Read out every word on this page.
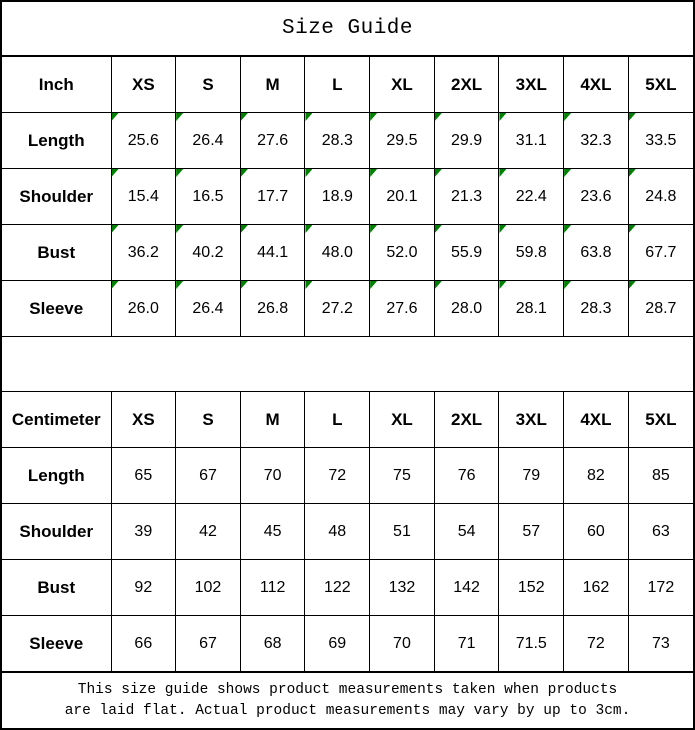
Size Guide
Inch	XS	S	M	L	XL	2XL	3XL	4XL	5XL
Length	25.6	26.4	27.6	28.3	29.5	29.9	31.1	32.3	33.5

Shoulder	15.4	16.5	17.7	18.9	20.1	21.3	22.4	23.6	24.8

Bust	36.2	40.2	44.1	48.0	52.0	55.9	59.8	63.8	67.7

Sleeve	26.0	26.4	26.8	27.2	27.6	28.0	28.1	28.3	28.7
Centimeter	XS	S	M	L	XL	2XL	3XL	4XL	5XL
Length	65	67	70	72	75	76	79	82	85
Shoulder	39	42	45	48	51	54	57	60	63
Bust	92	102	112	122	132	142	152	162	172
Sleeve	66	67	68	69	70	71	71.5	72	73
This size guide shows product measurements taken when products
are laid flat. Actual product measurements may vary by up to 3cm.
